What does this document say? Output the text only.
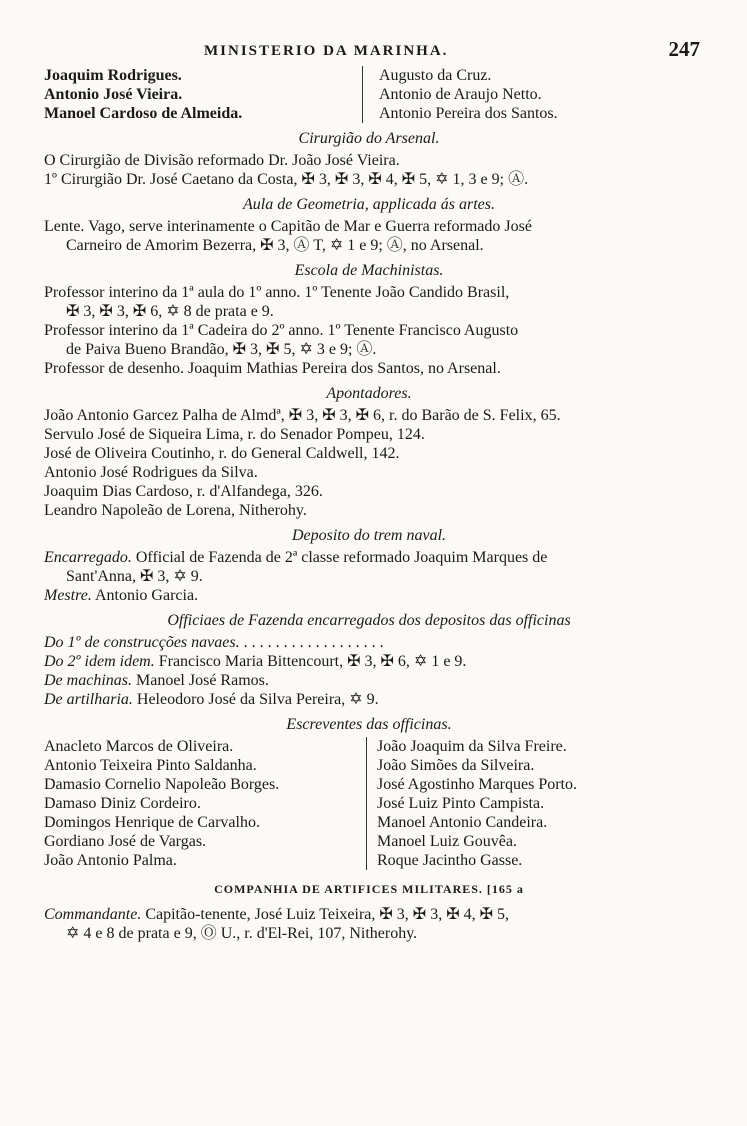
MINISTERIO DA MARINHA.	247
Joaquim Rodrigues.
Antonio José Vieira.
Manoel Cardoso de Almeida.
Augusto da Cruz.
Antonio de Araujo Netto.
Antonio Pereira dos Santos.
Cirurgião do Arsenal.
O Cirurgião de Divisão reformado Dr. João José Vieira.
1º Cirurgião Dr. José Caetano da Costa, ✠ 3, ✠ 3, ✠ 4, ✠ 5, ✡ 1, 3 e 9; Ⓐ.
Aula de Geometria, applicada ás artes.
Lente. Vago, serve interinamente o Capitão de Mar e Guerra reformado José
Carneiro de Amorim Bezerra, ✠ 3, Ⓐ T, ✡ 1 e 9; Ⓐ, no Arsenal.
Escola de Machinistas.
Professor interino da 1ª aula do 1º anno. 1º Tenente João Candido Brasil,
✠ 3, ✠ 3, ✠ 6, ✡ 8 de prata e 9.
Professor interino da 1ª Cadeira do 2º anno. 1º Tenente Francisco Augusto
de Paiva Bueno Brandão, ✠ 3, ✠ 5, ✡ 3 e 9; Ⓐ.
Professor de desenho. Joaquim Mathias Pereira dos Santos, no Arsenal.
Apontadores.
João Antonio Garcez Palha de Almdª, ✠ 3, ✠ 3, ✠ 6, r. do Barão de S. Felix, 65.
Servulo José de Siqueira Lima, r. do Senador Pompeu, 124.
José de Oliveira Coutinho, r. do General Caldwell, 142.
Antonio José Rodrigues da Silva.
Joaquim Dias Cardoso, r. d'Alfandega, 326.
Leandro Napoleão de Lorena, Nitherohy.
Deposito do trem naval.
Encarregado. Official de Fazenda de 2ª classe reformado Joaquim Marques de
Sant'Anna, ✠ 3, ✡ 9.
Mestre. Antonio Garcia.
Officiaes de Fazenda encarregados dos depositos das officinas
Do 1º de construcções navaes. . . . . . . . . . . . . . . . . . .
Do 2º idem idem. Francisco Maria Bittencourt, ✠ 3, ✠ 6, ✡ 1 e 9.
De machinas. Manoel José Ramos.
De artilharia. Heleodoro José da Silva Pereira, ✡ 9.
Escreventes das officinas.
Anacleto Marcos de Oliveira.
Antonio Teixeira Pinto Saldanha.
Damasio Cornelio Napoleão Borges.
Damaso Diniz Cordeiro.
Domingos Henrique de Carvalho.
Gordiano José de Vargas.
João Antonio Palma.
João Joaquim da Silva Freire.
João Simões da Silveira.
José Agostinho Marques Porto.
José Luiz Pinto Campista.
Manoel Antonio Candeira.
Manoel Luiz Gouvêa.
Roque Jacintho Gasse.
COMPANHIA DE ARTIFICES MILITARES. [165 a
Commandante. Capitão-tenente, José Luiz Teixeira, ✠ 3, ✠ 3, ✠ 4, ✠ 5,
✡ 4 e 8 de prata e 9, Ⓞ U., r. d'El-Rei, 107, Nitherohy.
